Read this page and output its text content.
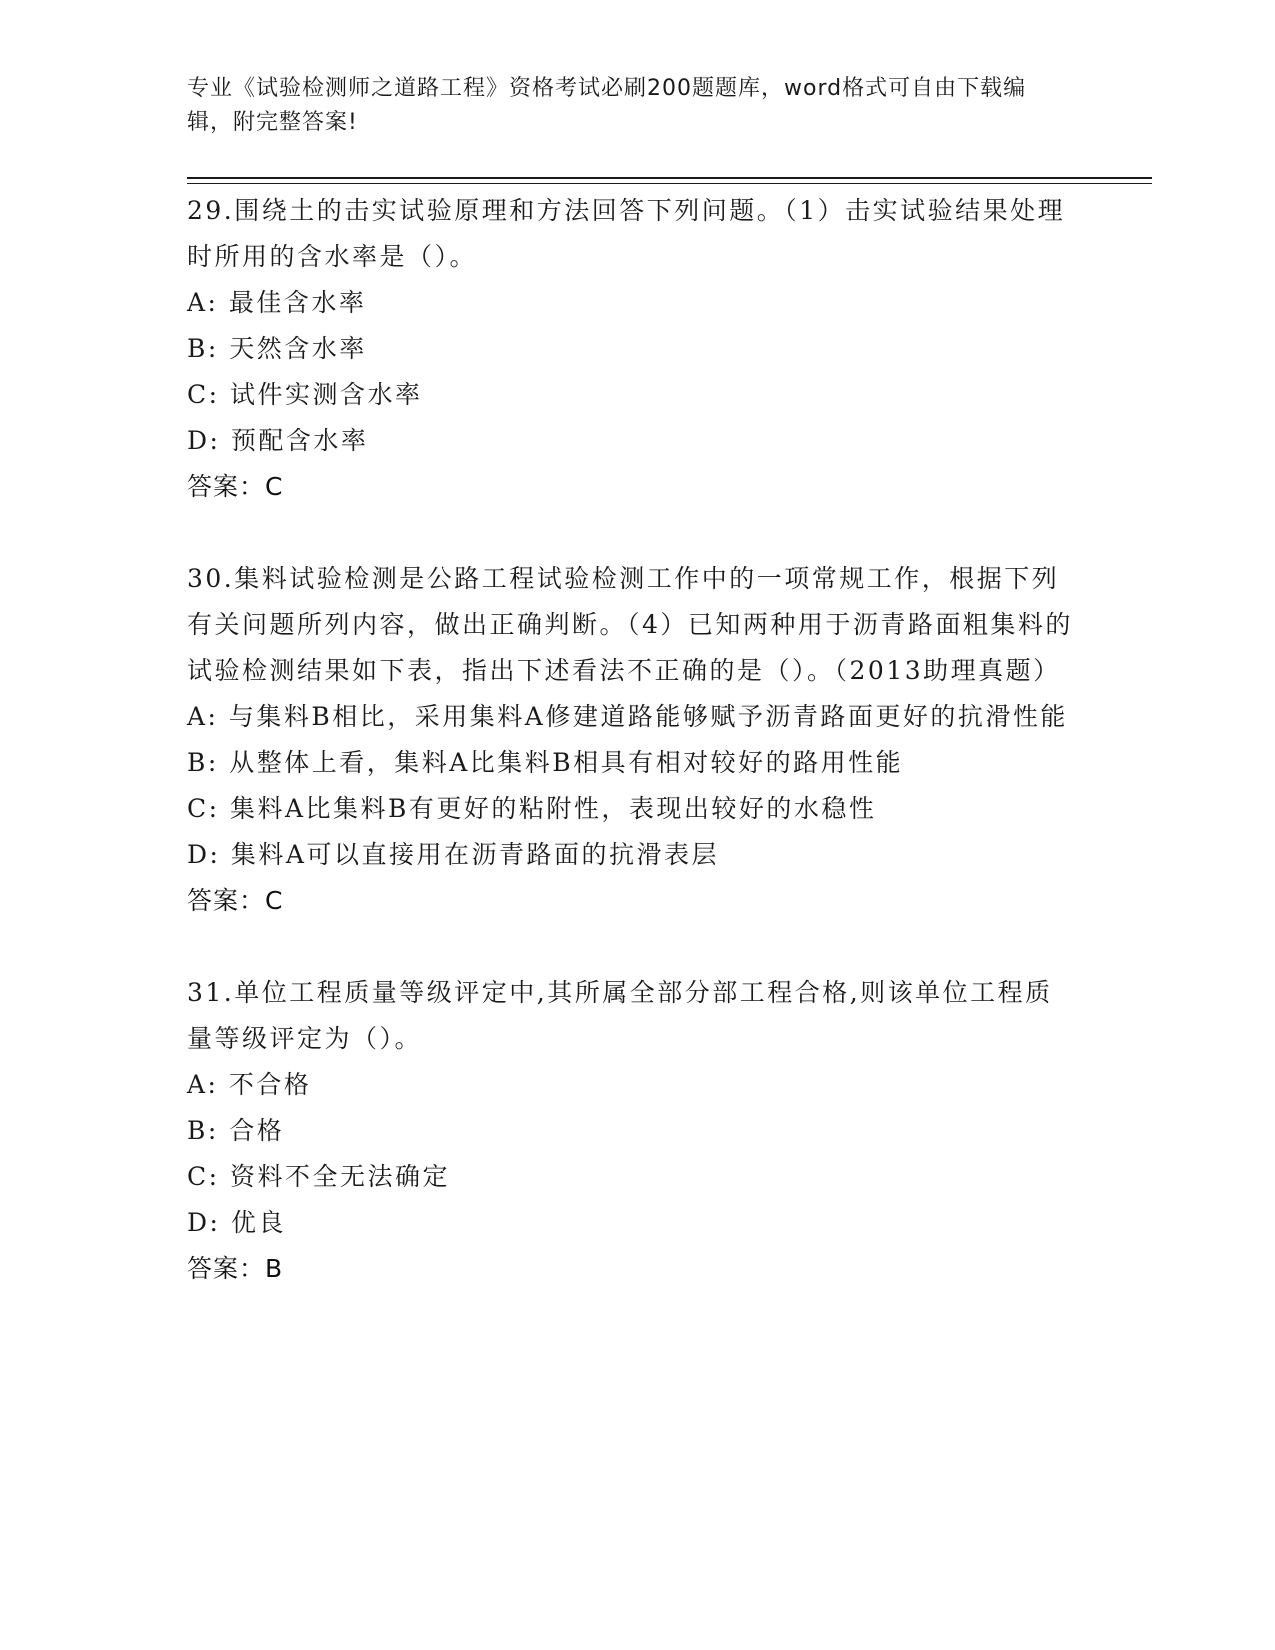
专业《试验检测师之道路工程》资格考试必刷200题题库，word格式可自由下载编辑，附完整答案!

29.围绕土的击实试验原理和方法回答下列问题。（1）击实试验结果处理时所用的含水率是（）。

A: 最佳含水率

B: 天然含水率

C: 试件实测含水率

D: 预配含水率

答案：C

30.集料试验检测是公路工程试验检测工作中的一项常规工作，根据下列有关问题所列内容，做出正确判断。（4）已知两种用于沥青路面粗集料的试验检测结果如下表，指出下述看法不正确的是（）。（2013助理真题）

A: 与集料B相比，采用集料A修建道路能够赋予沥青路面更好的抗滑性能

B: 从整体上看，集料A比集料B相具有相对较好的路用性能

C: 集料A比集料B有更好的粘附性，表现出较好的水稳性

D: 集料A可以直接用在沥青路面的抗滑表层

答案：C

31.单位工程质量等级评定中,其所属全部分部工程合格,则该单位工程质量等级评定为（）。

A: 不合格

B: 合格

C: 资料不全无法确定

D: 优良

答案：B
